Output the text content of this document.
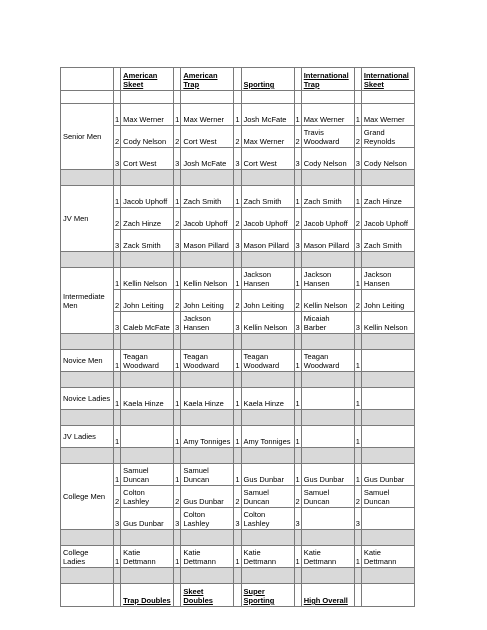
		American Skeet		American Trap		Sporting		International Trap		International Skeet

Senior Men	1	Max Werner	1	Max Werner	1	Josh McFate	1	Max Werner	1	Max Werner
	2	Cody Nelson	2	Cort West	2	Max Werner	2	Travis Woodward	2	Grand Reynolds
	3	Cort West	3	Josh McFate	3	Cort West	3	Cody Nelson	3	Cody Nelson

JV Men	1	Jacob Uphoff	1	Zach Smith	1	Zach Smith	1	Zach Smith	1	Zach Hinze
	2	Zach Hinze	2	Jacob Uphoff	2	Jacob Uphoff	2	Jacob Uphoff	2	Jacob Uphoff
	3	Zack Smith	3	Mason Pillard	3	Mason Pillard	3	Mason Pillard	3	Zach Smith

Intermediate Men	1	Kellin Nelson	1	Kellin Nelson	1	Jackson Hansen	1	Jackson Hansen	1	Jackson Hansen
	2	John Leiting	2	John Leiting	2	John Leiting	2	Kellin Nelson	2	John Leiting
	3	Caleb McFate	3	Jackson Hansen	3	Kellin Nelson	3	Micaiah Barber	3	Kellin Nelson

Novice Men	1	Teagan Woodward	1	Teagan Woodward	1	Teagan Woodward	1	Teagan Woodward	1	

Novice Ladies	1	Kaela Hinze	1	Kaela Hinze	1	Kaela Hinze	1		1	

JV Ladies	1		1	Amy Tonniges	1	Amy Tonniges	1		1	

College Men	1	Samuel Duncan	1	Samuel Duncan	1	Gus Dunbar	1	Gus Dunbar	1	Gus Dunbar
	2	Colton Lashley	2	Gus Dunbar	2	Samuel Duncan	2	Samuel Duncan	2	Samuel Duncan
	3	Gus Dunbar	3	Colton Lashley	3	Colton Lashley	3		3	

College Ladies	1	Katie Dettmann	1	Katie Dettmann	1	Katie Dettmann	1	Katie Dettmann	1	Katie Dettmann

		Trap Doubles		Skeet Doubles		Super Sporting		High Overall		
